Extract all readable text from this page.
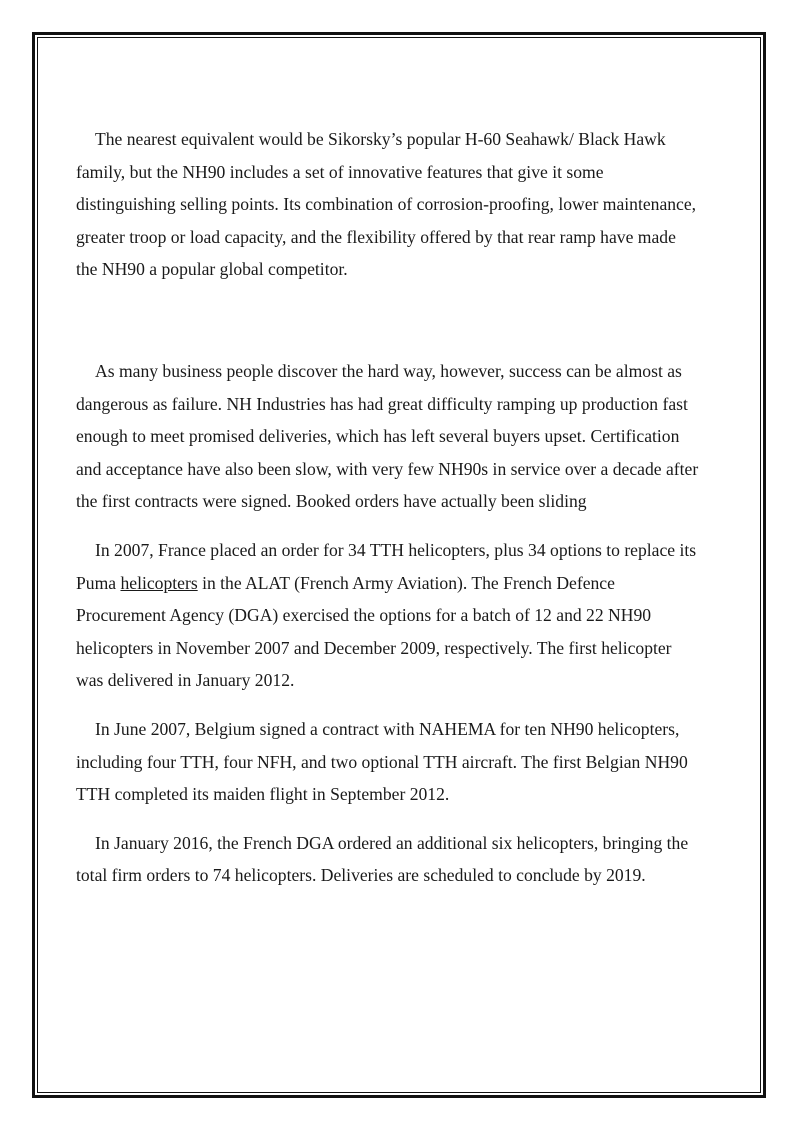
The nearest equivalent would be Sikorsky’s popular H-60 Seahawk/ Black Hawk
family, but the NH90 includes a set of innovative features that give it some
distinguishing selling points. Its combination of corrosion-proofing, lower maintenance,
greater troop or load capacity, and the flexibility offered by that rear ramp have made
the NH90 a popular global competitor.

As many business people discover the hard way, however, success can be almost as
dangerous as failure. NH Industries has had great difficulty ramping up production fast
enough to meet promised deliveries, which has left several buyers upset. Certification
and acceptance have also been slow, with very few NH90s in service over a decade after
the first contracts were signed. Booked orders have actually been sliding

In 2007, France placed an order for 34 TTH helicopters, plus 34 options to replace its
Puma helicopters in the ALAT (French Army Aviation). The French Defence
Procurement Agency (DGA) exercised the options for a batch of 12 and 22 NH90
helicopters in November 2007 and December 2009, respectively. The first helicopter
was delivered in January 2012.

In June 2007, Belgium signed a contract with NAHEMA for ten NH90 helicopters,
including four TTH, four NFH, and two optional TTH aircraft. The first Belgian NH90
TTH completed its maiden flight in September 2012.

In January 2016, the French DGA ordered an additional six helicopters, bringing the
total firm orders to 74 helicopters. Deliveries are scheduled to conclude by 2019.
